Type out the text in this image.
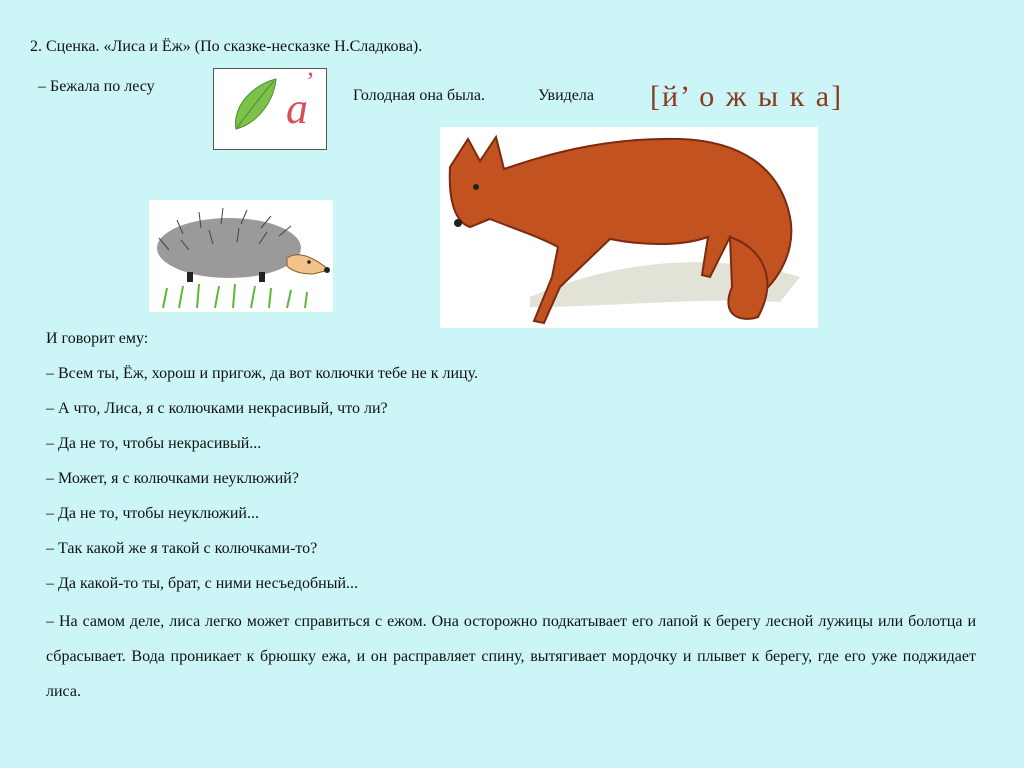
2. Сценка. «Лиса и Ёж» (По сказке-несказке Н.Сладкова).
– Бежала по лесу	a
’ Голодная она была.	Увидела [й’ о ж ы к а]
И говорит ему:
– Всем ты, Ёж, хорош и пригож, да вот колючки тебе не к лицу.
– А что, Лиса, я с колючками некрасивый, что ли?
– Да не то, чтобы некрасивый...
– Может, я с колючками неуклюжий?
– Да не то, чтобы неуклюжий...
– Так какой же я такой с колючками-то?
– Да какой-то ты, брат, с ними несъедобный...
– На самом деле, лиса легко может справиться с ежом. Она осторожно подкатывает его лапой к берегу лесной лужицы или болотца и сбрасывает. Вода проникает к брюшку ежа, и он расправляет спину, вытягивает мордочку и плывет к берегу, где его уже поджидает лиса.
